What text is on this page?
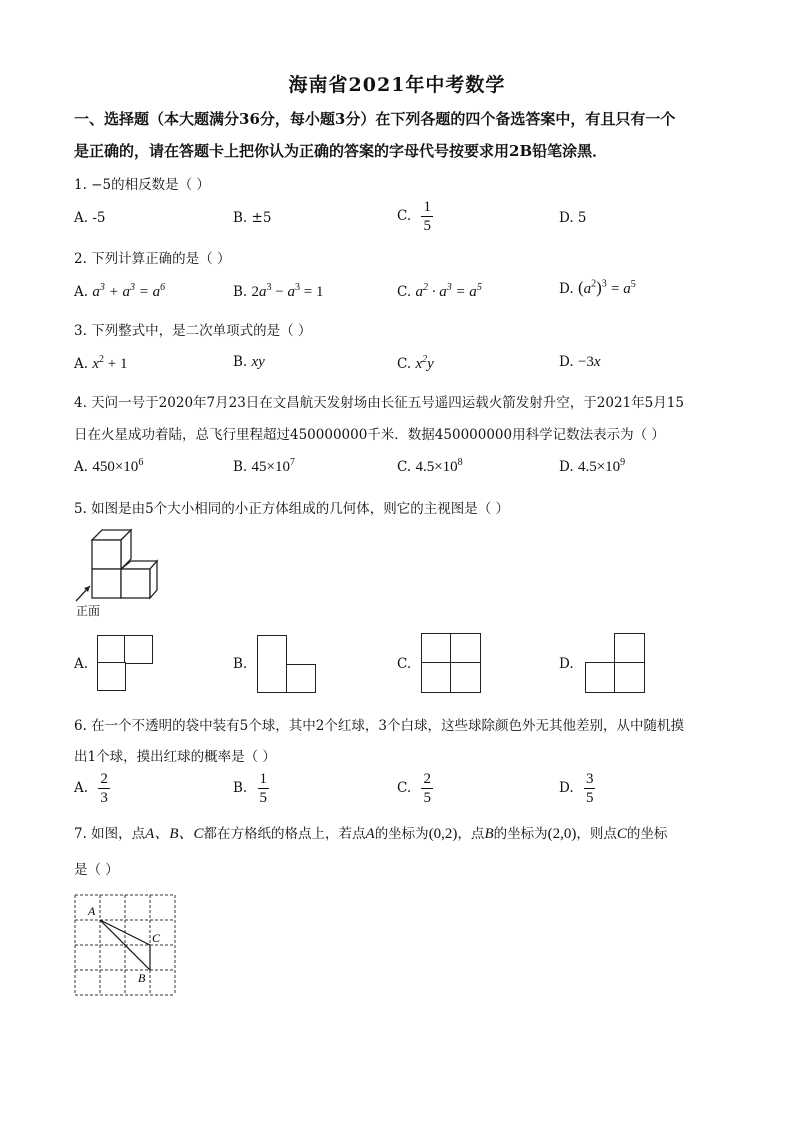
海南省2021年中考数学
一、选择题（本大题满分36分，每小题3分）在下列各题的四个备选答案中，有且只有一个
是正确的，请在答题卡上把你认为正确的答案的字母代号按要求用2B铅笔涂黑．
1. −5的相反数是（ ）
A. -5	B. ±5	C. $\frac{1}{5}$	D. 5
2. 下列计算正确的是（ ）
A. $a^3 + a^3 = a^6$	B. $2a^3 - a^3 = 1$	C. $a^2 \cdot a^3 = a^5$	D. $(a^2)^3 = a^5$
3. 下列整式中，是二次单项式的是（ ）
A. $x^2 + 1$	B. xy	C. $x^2y$	D. −3x
4. 天问一号于2020年7月23日在文昌航天发射场由长征五号遥四运载火箭发射升空，于2021年5月15
日在火星成功着陆，总飞行里程超过450000000千米．数据450000000用科学记数法表示为（ ）
A. $450\times 10^6$	B. $45\times 10^7$	C. $4.5\times 10^8$	D. $4.5\times 10^9$
5. 如图是由5个大小相同的小正方体组成的几何体，则它的主视图是（ ）
正面
A.	B.	C.	D.
6. 在一个不透明的袋中装有5个球，其中2个红球，3个白球，这些球除颜色外无其他差别，从中随机摸
出1个球，摸出红球的概率是（ ）
A. $\frac{2}{3}$	B. $\frac{1}{5}$	C. $\frac{2}{5}$	D. $\frac{3}{5}$
7. 如图，点A、B、C都在方格纸的格点上，若点A的坐标为(0,2)，点B的坐标为(2,0)，则点C的坐标
是（ ）
A
C
B
